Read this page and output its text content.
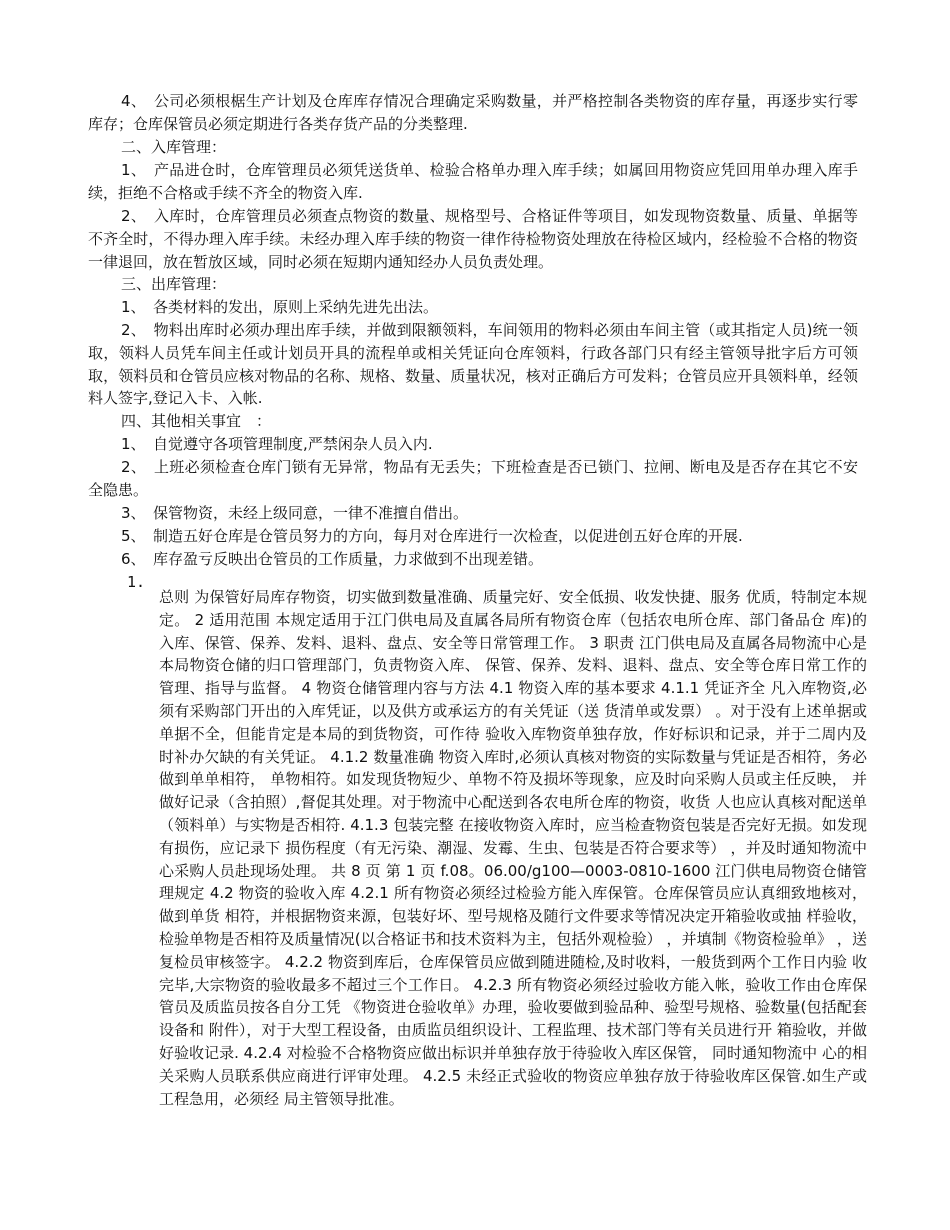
4、　公司必须根椐生产计划及仓库库存情况合理确定采购数量，并严格控制各类物资的库存量，再逐步实行零库存；仓库保管员必须定期进行各类存货产品的分类整理.

二、入库管理：

1、　产品进仓时，仓库管理员必须凭送货单、检验合格单办理入库手续；如属回用物资应凭回用单办理入库手续，拒绝不合格或手续不齐全的物资入库.

2、　入库时，仓库管理员必须查点物资的数量、规格型号、合格证件等项目，如发现物资数量、质量、单据等不齐全时，不得办理入库手续。未经办理入库手续的物资一律作待检物资处理放在待检区域内，经检验不合格的物资一律退回，放在暂放区域，同时必须在短期内通知经办人员负责处理。

三、出库管理：

1、　各类材料的发出，原则上采纳先进先出法。

2、　物料出库时必须办理出库手续，并做到限额领料，车间领用的物料必须由车间主管（或其指定人员)统一领取，领料人员凭车间主任或计划员开具的流程单或相关凭证向仓库领料，行政各部门只有经主管领导批字后方可领取，领料员和仓管员应核对物品的名称、规格、数量、质量状况，核对正确后方可发料；仓管员应开具领料单，经领料人签字,登记入卡、入帐.

四、其他相关事宜　：

1、　自觉遵守各项管理制度,严禁闲杂人员入内.

2、　上班必须检查仓库门锁有无异常，物品有无丢失；下班检查是否已锁门、拉闸、断电及是否存在其它不安全隐患。

3、　保管物资，未经上级同意，一律不准擅自借出。

5、　制造五好仓库是仓管员努力的方向，每月对仓库进行一次检查，以促进创五好仓库的开展.

6、　库存盈亏反映出仓管员的工作质量，力求做到不出现差错。

1.

总则 为保管好局库存物资，切实做到数量准确、质量完好、安全低损、收发快捷、服务 优质，特制定本规定。 2 适用范围 本规定适用于江门供电局及直属各局所有物资仓库（包括农电所仓库、部门备品仓 库)的入库、保管、保养、发料、退料、盘点、安全等日常管理工作。 3 职责 江门供电局及直属各局物流中心是本局物资仓储的归口管理部门，负责物资入库、 保管、保养、发料、退料、盘点、安全等仓库日常工作的管理、指导与监督。 4 物资仓储管理内容与方法 4.1 物资入库的基本要求 4.1.1 凭证齐全 凡入库物资,必须有采购部门开出的入库凭证，以及供方或承运方的有关凭证（送 货清单或发票） 。对于没有上述单据或单据不全，但能肯定是本局的到货物资，可作待 验收入库物资单独存放，作好标识和记录，并于二周内及时补办欠缺的有关凭证。 4.1.2 数量准确 物资入库时,必须认真核对物资的实际数量与凭证是否相符，务必做到单单相符， 单物相符。如发现货物短少、单物不符及损坏等现象，应及时向采购人员或主任反映， 并做好记录（含拍照）,督促其处理。对于物流中心配送到各农电所仓库的物资，收货 人也应认真核对配送单（领料单）与实物是否相符. 4.1.3 包装完整 在接收物资入库时，应当检查物资包装是否完好无损。如发现有损伤，应记录下 损伤程度（有无污染、潮湿、发霉、生虫、包装是否符合要求等） ，并及时通知物流中 心采购人员赴现场处理。 共 8 页 第 1 页 f.08。06.00/g100—0003-0810-1600 江门供电局物资仓储管理规定 4.2 物资的验收入库 4.2.1 所有物资必须经过检验方能入库保管。仓库保管员应认真细致地核对，做到单货 相符，并根据物资来源，包装好坏、型号规格及随行文件要求等情况决定开箱验收或抽 样验收，检验单物是否相符及质量情况(以合格证书和技术资料为主，包括外观检验） ，并填制《物资检验单》 ，送复检员审核签字。 4.2.2 物资到库后，仓库保管员应做到随进随检,及时收料，一般货到两个工作日内验 收完毕,大宗物资的验收最多不超过三个工作日。 4.2.3 所有物资必须经过验收方能入帐，验收工作由仓库保管员及质监员按各自分工凭 《物资进仓验收单》办理，验收要做到验品种、验型号规格、验数量(包括配套设备和 附件），对于大型工程设备，由质监员组织设计、工程监理、技术部门等有关员进行开 箱验收，并做好验收记录. 4.2.4 对检验不合格物资应做出标识并单独存放于待验收入库区保管， 同时通知物流中 心的相关采购人员联系供应商进行评审处理。 4.2.5 未经正式验收的物资应单独存放于待验收库区保管.如生产或工程急用，必须经 局主管领导批准。
